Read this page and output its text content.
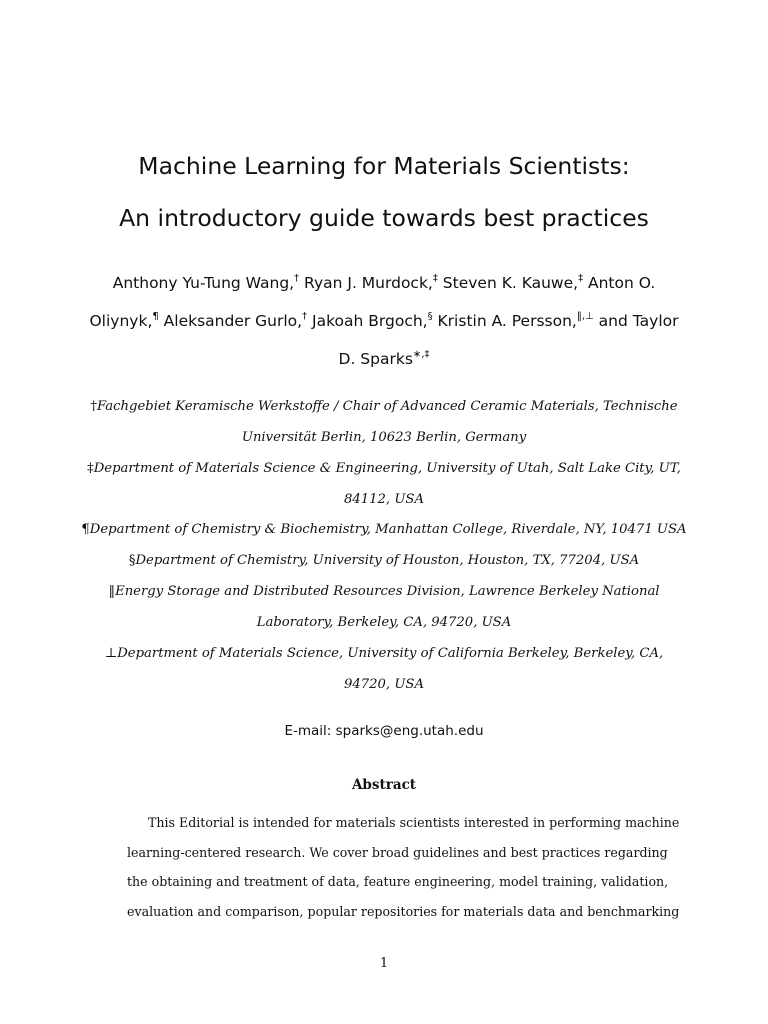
Machine Learning for Materials Scientists:
An introductory guide towards best practices
Anthony Yu-Tung Wang,† Ryan J. Murdock,‡ Steven K. Kauwe,‡ Anton O.
Oliynyk,¶ Aleksander Gurlo,† Jakoah Brgoch,§ Kristin A. Persson,‖,⊥ and Taylor
D. Sparks∗,‡
†Fachgebiet Keramische Werkstoffe / Chair of Advanced Ceramic Materials, Technische
Universität Berlin, 10623 Berlin, Germany
‡Department of Materials Science & Engineering, University of Utah, Salt Lake City, UT,
84112, USA
¶Department of Chemistry & Biochemistry, Manhattan College, Riverdale, NY, 10471 USA
§Department of Chemistry, University of Houston, Houston, TX, 77204, USA
‖Energy Storage and Distributed Resources Division, Lawrence Berkeley National
Laboratory, Berkeley, CA, 94720, USA
⊥Department of Materials Science, University of California Berkeley, Berkeley, CA,
94720, USA
E-mail: sparks@eng.utah.edu
Abstract
This Editorial is intended for materials scientists interested in performing machine
learning-centered research. We cover broad guidelines and best practices regarding
the obtaining and treatment of data, feature engineering, model training, validation,
evaluation and comparison, popular repositories for materials data and benchmarking
1
